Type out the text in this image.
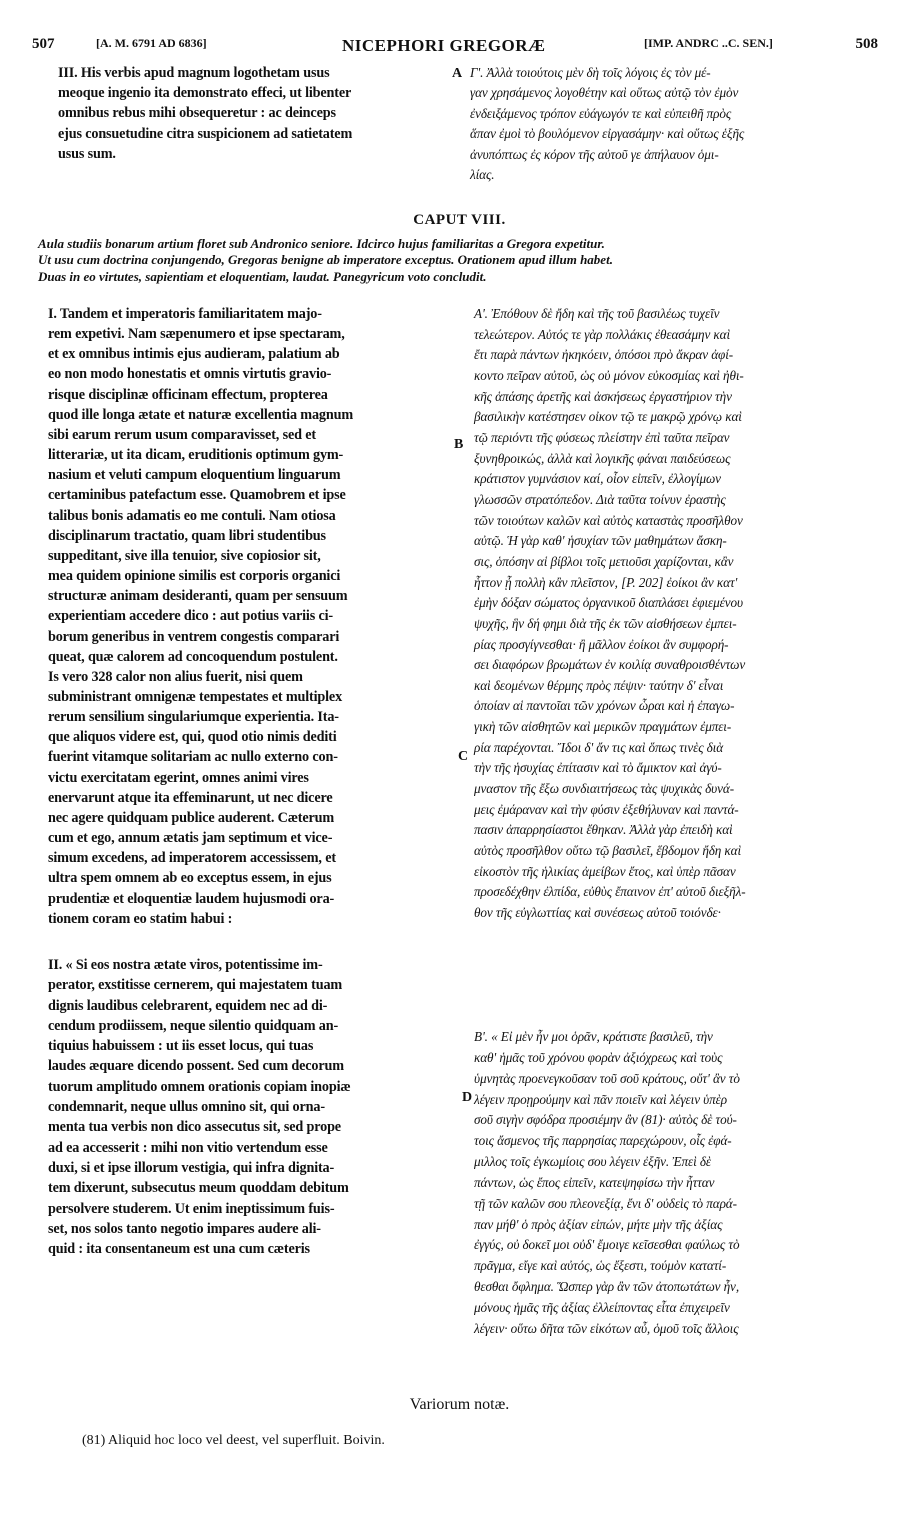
507	[A. M. 6791 AD 6836]	NICEPHORI GREGORÆ	[IMP. ANDRC ..C. SEN.]	508
III. His verbis apud magnum logothetam usus
meoque ingenio ita demonstrato effeci, ut libenter
omnibus rebus mihi obsequeretur : ac deinceps
ejus consuetudine citra suspicionem ad satietatem
usus sum.
Γ'. Ἀλλὰ τοιούτοις μὲν δὴ τοῖς λόγοις ἐς τὸν μέ-
γαν χρησάμενος λογοθέτην καὶ οὕτως αὐτῷ τὸν ἐμὸν
ἐνδειξάμενος τρόπον εὐάγωγόν τε καὶ εὐπειθῆ πρὸς
ἅπαν ἐμοὶ τὸ βουλόμενον εἰργασάμην· καὶ οὕτως ἑξῆς
ἀνυπόπτως ἐς κόρον τῆς αὐτοῦ γε ἀπήλαυον ὁμι-
λίας.
A
CAPUT VIII.
Aula studiis bonarum artium floret sub Andronico seniore. Idcirco hujus familiaritas a Gregora expetitur.
Ut usu cum doctrina conjungendo, Gregoras benigne ab imperatore exceptus. Orationem apud illum habet.
Duas in eo virtutes, sapientiam et eloquentiam, laudat. Panegyricum voto concludit.
I. Tandem et imperatoris familiaritatem majo-
rem expetivi. Nam sæpenumero et ipse spectaram,
et ex omnibus intimis ejus audieram, palatium ab
eo non modo honestatis et omnis virtutis gravio-
risque disciplinæ officinam effectum, propterea
quod ille longa ætate et naturæ excellentia magnum
sibi earum rerum usum comparavisset, sed et
litterariæ, ut ita dicam, eruditionis optimum gym-
nasium et veluti campum eloquentium linguarum
certaminibus patefactum esse. Quamobrem et ipse
talibus bonis adamatis eo me contuli. Nam otiosa
disciplinarum tractatio, quam libri studentibus
suppeditant, sive illa tenuior, sive copiosior sit,
mea quidem opinione similis est corporis organici
structuræ animam desideranti, quam per sensuum
experientiam accedere dico : aut potius variis ci-
borum generibus in ventrem congestis comparari
queat, quæ calorem ad concoquendum postulent.
Is vero 328 calor non alius fuerit, nisi quem
subministrant omnigenæ tempestates et multiplex
rerum sensilium singulariumque experientia. Ita-
que aliquos videre est, qui, quod otio nimis dediti
fuerint vitamque solitariam ac nullo externo con-
victu exercitatam egerint, omnes animi vires
enervarunt atque ita effeminarunt, ut nec dicere
nec agere quidquam publice auderent. Cæterum
cum et ego, annum ætatis jam septimum et vice-
simum excedens, ad imperatorem accessissem, et
ultra spem omnem ab eo exceptus essem, in ejus
prudentiæ et eloquentiæ laudem hujusmodi ora-
tionem coram eo statim habui :
II. « Si eos nostra ætate viros, potentissime im-
perator, exstitisse cernerem, qui majestatem tuam
dignis laudibus celebrarent, equidem nec ad di-
cendum prodiissem, neque silentio quidquam an-
tiquius habuissem : ut iis esset locus, qui tuas
laudes æquare dicendo possent. Sed cum decorum
tuorum amplitudo omnem orationis copiam inopiæ
condemnarit, neque ullus omnino sit, qui orna-
menta tua verbis non dico assecutus sit, sed prope
ad ea accesserit : mihi non vitio vertendum esse
duxi, si et ipse illorum vestigia, qui infra dignita-
tem dixerunt, subsecutus meum quoddam debitum
persolvere studerem. Ut enim ineptissimum fuis-
set, nos solos tanto negotio impares audere ali-
quid : ita consentaneum est una cum cæteris
Α'. Ἐπόθουν δὲ ἤδη καὶ τῆς τοῦ βασιλέως τυχεῖν
τελεώτερον. Αὐτός τε γὰρ πολλάκις ἐθεασάμην καὶ
ἔτι παρὰ πάντων ἠκηκόειν, ὁπόσοι πρὸ ἄκραν ἀφί-
κοντο πεῖραν αὐτοῦ, ὡς οὐ μόνον εὐκοσμίας καὶ ἠθι-
κῆς ἁπάσης ἀρετῆς καὶ ἀσκήσεως ἐργαστήριον τὴν
βασιλικὴν κατέστησεν οἰκον τῷ τε μακρῷ χρόνῳ καὶ
τῷ περιόντι τῆς φύσεως πλείστην ἐπὶ ταῦτα πεῖραν
ξυνηθροικώς, ἀλλὰ καὶ λογικῆς φάναι παιδεύσεως
κράτιστον γυμνάσιον καί, οἷον εἰπεῖν, ἐλλογίμων
γλωσσῶν στρατόπεδον. Διὰ ταῦτα τοίνυν ἐραστὴς
τῶν τοιούτων καλῶν καὶ αὐτὸς καταστὰς προσῆλθον
αὐτῷ. Ἡ γὰρ καθ' ἡσυχίαν τῶν μαθημάτων ἄσκη-
σις, ὁπόσην αἱ βίβλοι τοῖς μετιοῦσι χαρίζονται, κἂν
ἧττον ᾖ πολλὴ κἂν πλεῖστον, [P. 202] ἐοίκοι ἂν κατ'
ἐμὴν δόξαν σώματος ὀργανικοῦ διαπλάσει ἐφιεμένου
ψυχῆς, ἣν δή φημι διὰ τῆς ἐκ τῶν αἰσθήσεων ἐμπει-
ρίας προσγίγνεσθαι· ἢ μᾶλλον ἐοίκοι ἂν συμφορή-
σει διαφόρων βρωμάτων ἐν κοιλίᾳ συναθροισθέντων
καὶ δεομένων θέρμης πρὸς πέψιν· ταύτην δ' εἶναι
ὁποίαν αἱ παντοῖαι τῶν χρόνων ὧραι καὶ ἡ ἐπαγω-
γικὴ τῶν αἰσθητῶν καὶ μερικῶν πραγμάτων ἐμπει-
ρία παρέχονται. Ἴδοι δ' ἄν τις καὶ ὅπως τινὲς διὰ
τὴν τῆς ἡσυχίας ἐπίτασιν καὶ τὸ ἄμικτον καὶ ἀγύ-
μναστον τῆς ἔξω συνδιαιτήσεως τὰς ψυχικὰς δυνά-
μεις ἐμάραναν καὶ τὴν φύσιν ἐξεθήλυναν καὶ παντά-
πασιν ἀπαρρησίαστοι ἔθηκαν. Ἀλλὰ γὰρ ἐπειδὴ καὶ
αὐτὸς προσῆλθον οὕτω τῷ βασιλεῖ, ἕβδομον ἤδη καὶ
εἰκοστὸν τῆς ἡλικίας ἀμείβων ἔτος, καὶ ὑπὲρ πᾶσαν
προσεδέχθην ἐλπίδα, εὐθὺς ἔπαινον ἐπ' αὐτοῦ διεξῆλ-
θον τῆς εὐγλωττίας καὶ συνέσεως αὐτοῦ τοιόνδε·
Β'. « Εἰ μὲν ἦν μοι ὁρᾶν, κράτιστε βασιλεῦ, τὴν
καθ' ἡμᾶς τοῦ χρόνου φορὰν ἀξιόχρεως καὶ τοὺς
ὑμνητὰς προενεγκοῦσαν τοῦ σοῦ κράτους, οὔτ' ἂν τὸ
λέγειν προῃρούμην καὶ πᾶν ποιεῖν καὶ λέγειν ὑπὲρ
σοῦ σιγὴν σφόδρα προσιέμην ἂν (81)· αὐτὸς δὲ τού-
τοις ἄσμενος τῆς παρρησίας παρεχώρουν, οἷς ἐφά-
μιλλος τοῖς ἐγκωμίοις σου λέγειν ἐξῆν. Ἐπεὶ δὲ
πάντων, ὡς ἔπος εἰπεῖν, κατεψηφίσω τὴν ἧτταν
τῇ τῶν καλῶν σου πλεονεξίᾳ, ἔνι δ' οὐδεὶς τὸ παρά-
παν μήθ' ὁ πρὸς ἀξίαν εἰπών, μήτε μὴν τῆς ἀξίας
ἐγγύς, οὐ δοκεῖ μοι οὐδ' ἔμοιγε κεῖσεσθαι φαύλως τὸ
πρᾶγμα, εἴγε καὶ αὐτός, ὡς ἔξεστι, τούμὸν κατατί-
θεσθαι ὄφλημα. Ὥσπερ γὰρ ἂν τῶν ἀτοπωτάτων ἦν,
μόνους ἡμᾶς τῆς ἀξίας ἐλλείποντας εἶτα ἐπιχειρεῖν
λέγειν· οὕτω δῆτα τῶν εἰκότων αὖ, ὁμοῦ τοῖς ἄλλοις
B
C
D
Variorum notæ.
(81) Aliquid hoc loco vel deest, vel superfluit. Boivin.
